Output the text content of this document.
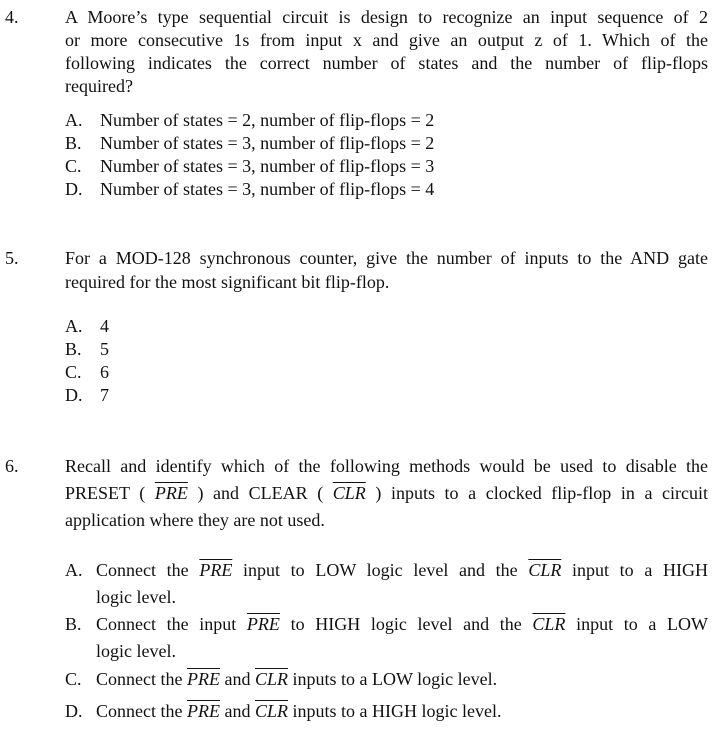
4.	A Moore’s type sequential circuit is design to recognize an input sequence of 2
or more consecutive 1s from input x and give an output z of 1. Which of the
following indicates the correct number of states and the number of flip-flops
required?
A. Number of states = 2, number of flip-flops = 2
B. Number of states = 3, number of flip-flops = 2
C. Number of states = 3, number of flip-flops = 3
D. Number of states = 3, number of flip-flops = 4
5.	For a MOD-128 synchronous counter, give the number of inputs to the AND gate
required for the most significant bit flip-flop.
A. 4
B. 5
C. 6
D. 7
6.	Recall and identify which of the following methods would be used to disable the
PRESET ( $\overline{PRE}$ ) and CLEAR ( $\overline{CLR}$ ) inputs to a clocked flip-flop in a circuit
application where they are not used.
A. Connect the $\overline{PRE}$ input to LOW logic level and the $\overline{CLR}$ input to a HIGH
logic level.
B. Connect the input $\overline{PRE}$ to HIGH logic level and the $\overline{CLR}$ input to a LOW
logic level.
C. Connect the $\overline{PRE}$ and $\overline{CLR}$ inputs to a LOW logic level.
D. Connect the $\overline{PRE}$ and $\overline{CLR}$ inputs to a HIGH logic level.
